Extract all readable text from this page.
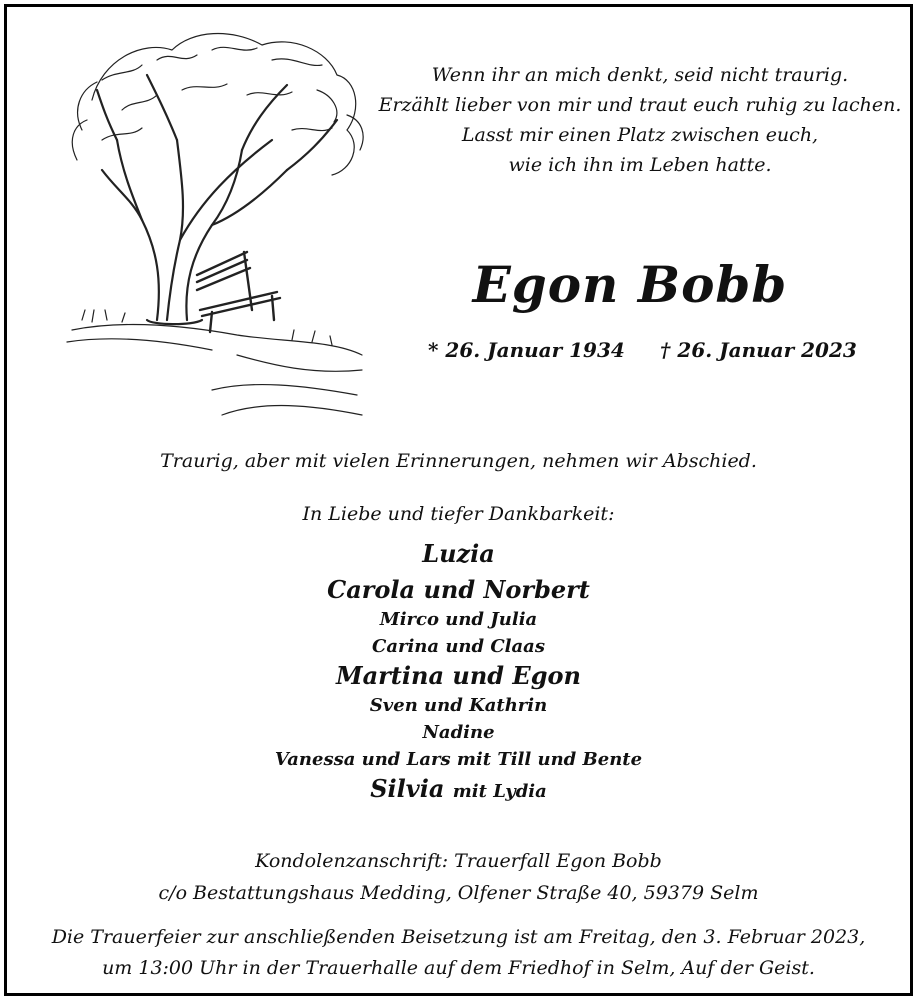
Wenn ihr an mich denkt, seid nicht traurig.
Erzählt lieber von mir und traut euch ruhig zu lachen.
Lasst mir einen Platz zwischen euch,
wie ich ihn im Leben hatte.
Egon Bobb
* 26. Januar 1934 † 26. Januar 2023
Traurig, aber mit vielen Erinnerungen, nehmen wir Abschied.
In Liebe und tiefer Dankbarkeit:
Luzia
Carola und Norbert
Mirco und Julia
Carina und Claas
Martina und Egon
Sven und Kathrin
Nadine
Vanessa und Lars mit Till und Bente
Silvia mit Lydia
Kondolenzanschrift: Trauerfall Egon Bobb
c/o Bestattungshaus Medding, Olfener Straße 40, 59379 Selm
Die Trauerfeier zur anschließenden Beisetzung ist am Freitag, den 3. Februar 2023,
um 13:00 Uhr in der Trauerhalle auf dem Friedhof in Selm, Auf der Geist.
